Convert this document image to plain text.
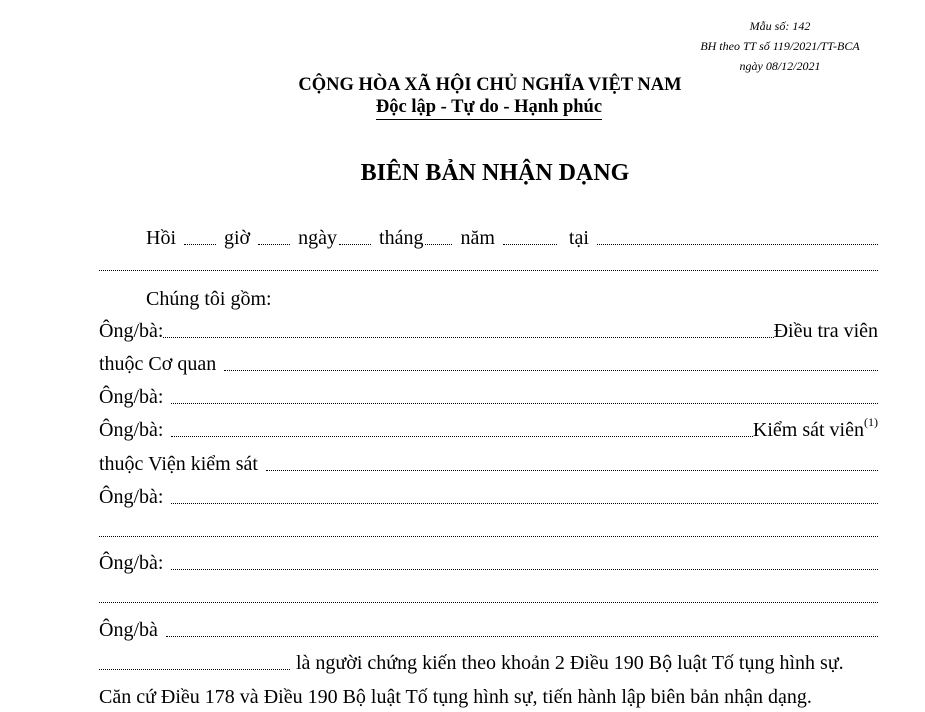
Mẫu số: 142
BH theo TT số 119/2021/TT-BCA
ngày 08/12/2021
CỘNG HÒA XÃ HỘI CHỦ NGHĨA VIỆT NAM
Độc lập - Tự do - Hạnh phúc
BIÊN BẢN NHẬN DẠNG
Hồi giờ ngày tháng năm	tại
Chúng tôi gồm:
Ông/bà:	Điều tra viên
thuộc Cơ quan
Ông/bà:
Ông/bà:	Kiểm sát viên$^{(1)}$
thuộc Viện kiểm sát
Ông/bà:
Ông/bà:
Ông/bà
là người chứng kiến theo khoản 2 Điều 190 Bộ luật Tố tụng hình sự.
Căn cứ Điều 178 và Điều 190 Bộ luật Tố tụng hình sự, tiến hành lập biên bản nhận dạng.
